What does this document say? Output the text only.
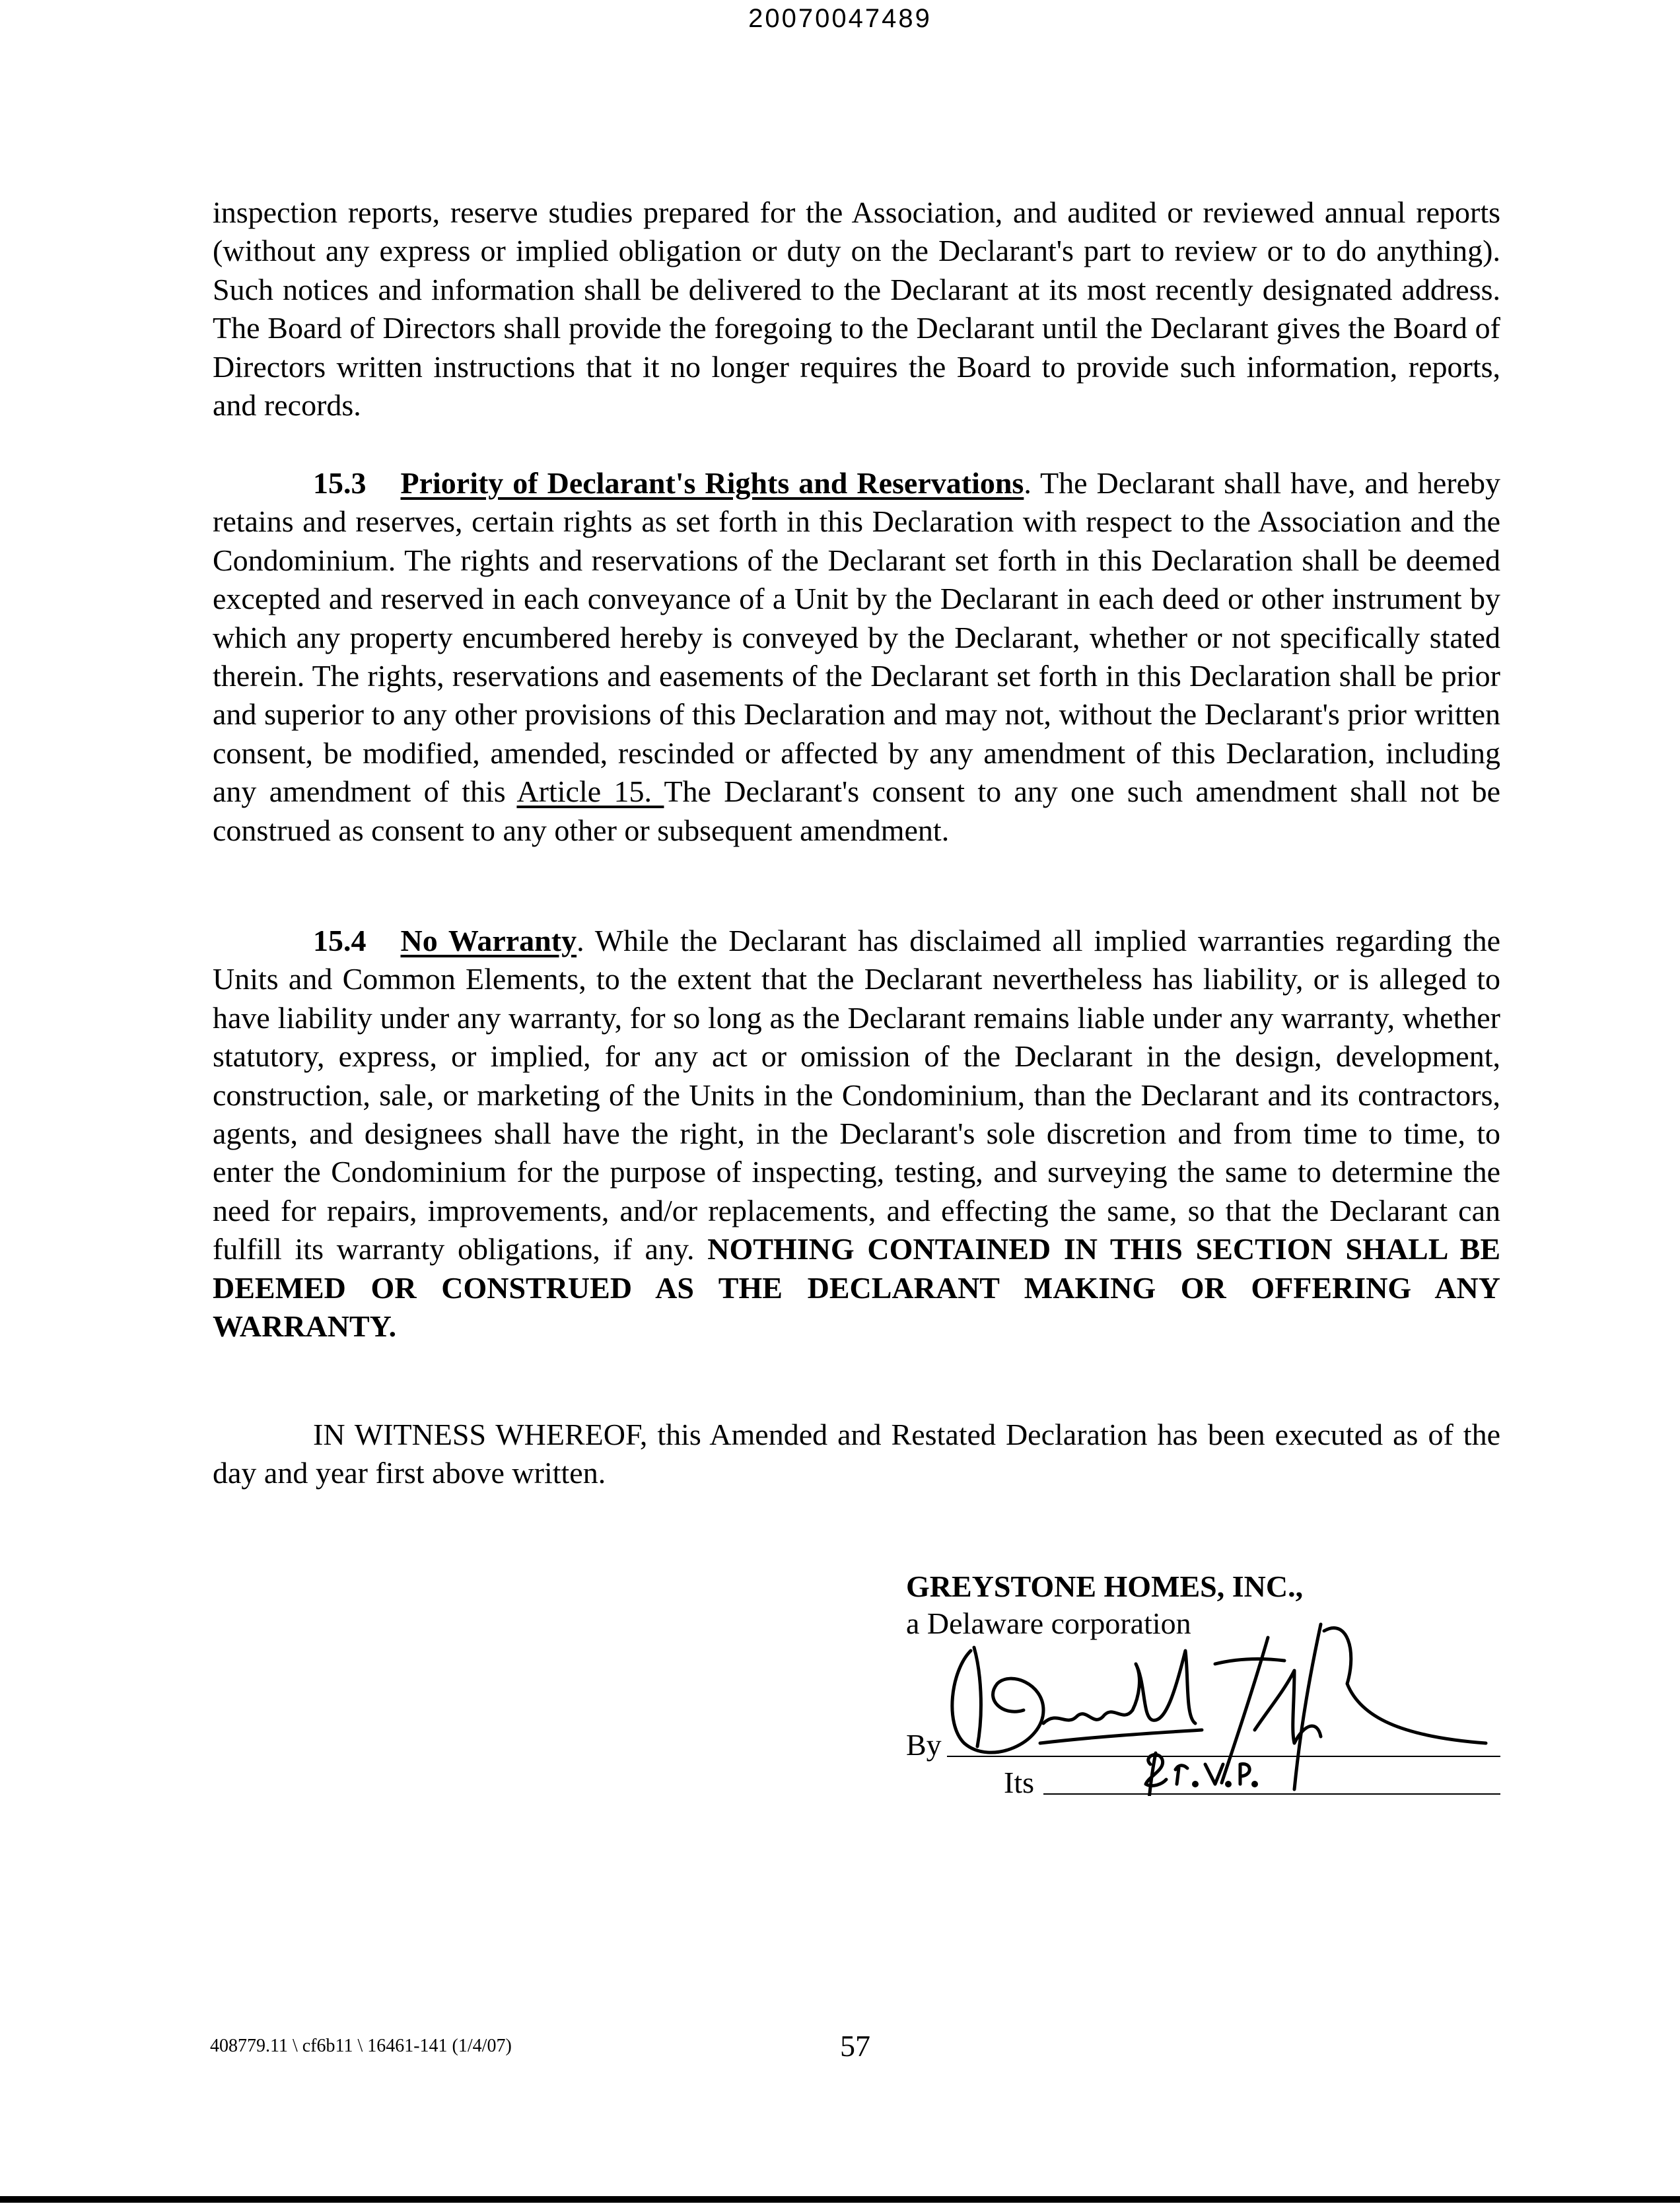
20070047489

inspection reports, reserve studies prepared for the Association, and audited or reviewed annual reports (without any express or implied obligation or duty on the Declarant's part to review or to do anything). Such notices and information shall be delivered to the Declarant at its most recently designated address. The Board of Directors shall provide the foregoing to the Declarant until the Declarant gives the Board of Directors written instructions that it no longer requires the Board to provide such information, reports, and records.

15.3 Priority of Declarant's Rights and Reservations. The Declarant shall have, and hereby retains and reserves, certain rights as set forth in this Declaration with respect to the Association and the Condominium. The rights and reservations of the Declarant set forth in this Declaration shall be deemed excepted and reserved in each conveyance of a Unit by the Declarant in each deed or other instrument by which any property encumbered hereby is conveyed by the Declarant, whether or not specifically stated therein. The rights, reservations and easements of the Declarant set forth in this Declaration shall be prior and superior to any other provisions of this Declaration and may not, without the Declarant's prior written consent, be modified, amended, rescinded or affected by any amendment of this Declaration, including any amendment of this Article 15. The Declarant's consent to any one such amendment shall not be construed as consent to any other or subsequent amendment.

15.4 No Warranty. While the Declarant has disclaimed all implied warranties regarding the Units and Common Elements, to the extent that the Declarant nevertheless has liability, or is alleged to have liability under any warranty, for so long as the Declarant remains liable under any warranty, whether statutory, express, or implied, for any act or omission of the Declarant in the design, development, construction, sale, or marketing of the Units in the Condominium, than the Declarant and its contractors, agents, and designees shall have the right, in the Declarant's sole discretion and from time to time, to enter the Condominium for the purpose of inspecting, testing, and surveying the same to determine the need for repairs, improvements, and/or replacements, and effecting the same, so that the Declarant can fulfill its warranty obligations, if any. NOTHING CONTAINED IN THIS SECTION SHALL BE DEEMED OR CONSTRUED AS THE DECLARANT MAKING OR OFFERING ANY WARRANTY.

IN WITNESS WHEREOF, this Amended and Restated Declaration has been executed as of the day and year first above written.

GREYSTONE HOMES, INC.,
a Delaware corporation
By
Its
408779.11 \ cf6b11 \ 16461-141 (1/4/07)	57
